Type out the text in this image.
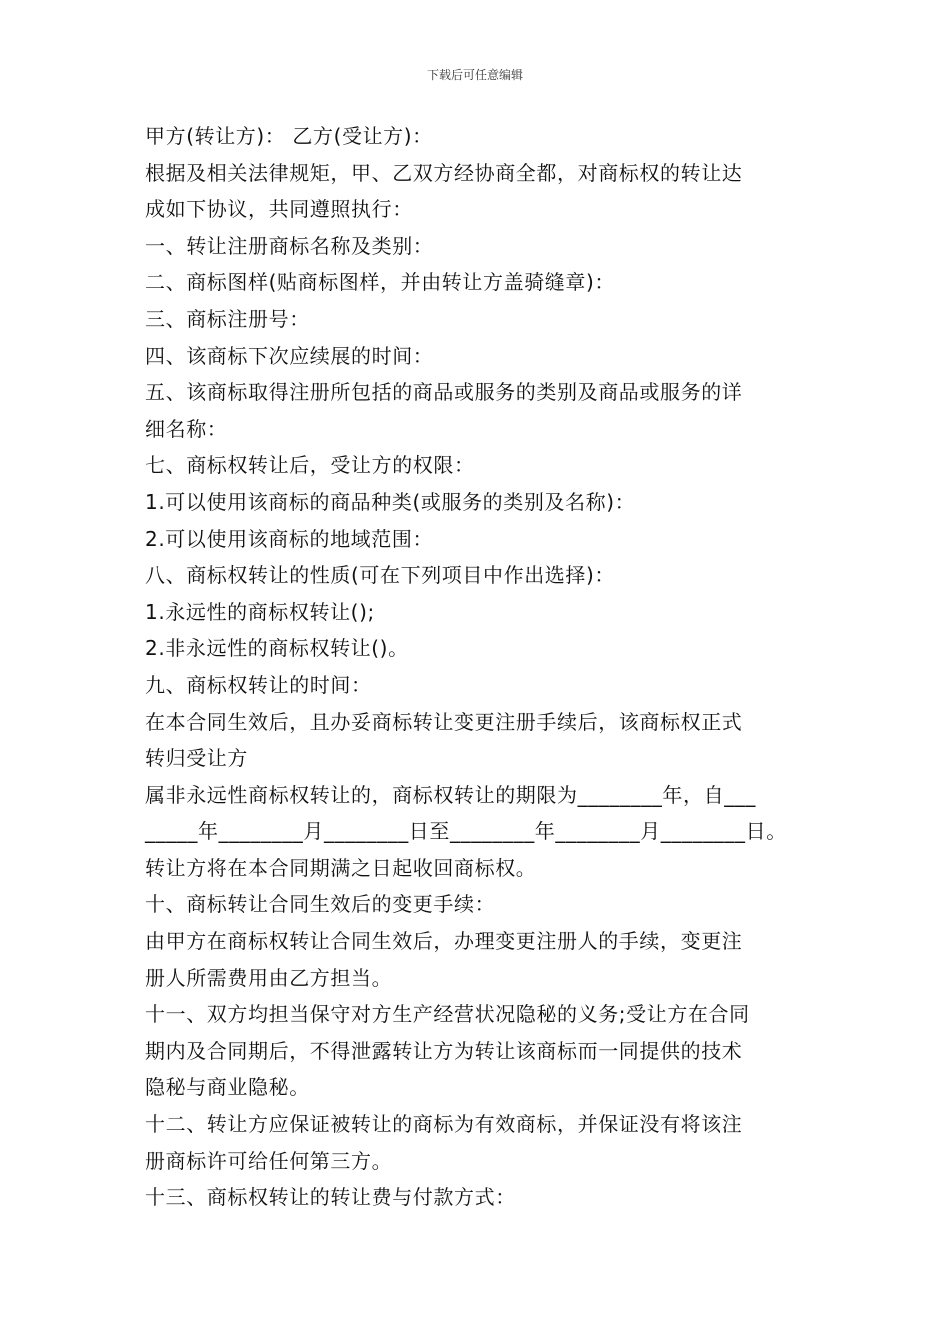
下载后可任意编辑
甲方(转让方)： 乙方(受让方)：
根据及相关法律规矩，甲、乙双方经协商全都，对商标权的转让达
成如下协议，共同遵照执行：
一、转让注册商标名称及类别：
二、商标图样(贴商标图样，并由转让方盖骑缝章)：
三、商标注册号：
四、该商标下次应续展的时间：
五、该商标取得注册所包括的商品或服务的类别及商品或服务的详
细名称：
七、商标权转让后，受让方的权限：
1.可以使用该商标的商品种类(或服务的类别及名称)：
2.可以使用该商标的地域范围：
八、商标权转让的性质(可在下列项目中作出选择)：
1.永远性的商标权转让();
2.非永远性的商标权转让()。
九、商标权转让的时间：
在本合同生效后，且办妥商标转让变更注册手续后，该商标权正式
转归受让方
属非永远性商标权转让的，商标权转让的期限为________年，自___
_____年________月________日至________年________月________日。
转让方将在本合同期满之日起收回商标权。
十、商标转让合同生效后的变更手续：
由甲方在商标权转让合同生效后，办理变更注册人的手续，变更注
册人所需费用由乙方担当。
十一、双方均担当保守对方生产经营状况隐秘的义务;受让方在合同
期内及合同期后，不得泄露转让方为转让该商标而一同提供的技术
隐秘与商业隐秘。
十二、转让方应保证被转让的商标为有效商标，并保证没有将该注
册商标许可给任何第三方。
十三、商标权转让的转让费与付款方式：
